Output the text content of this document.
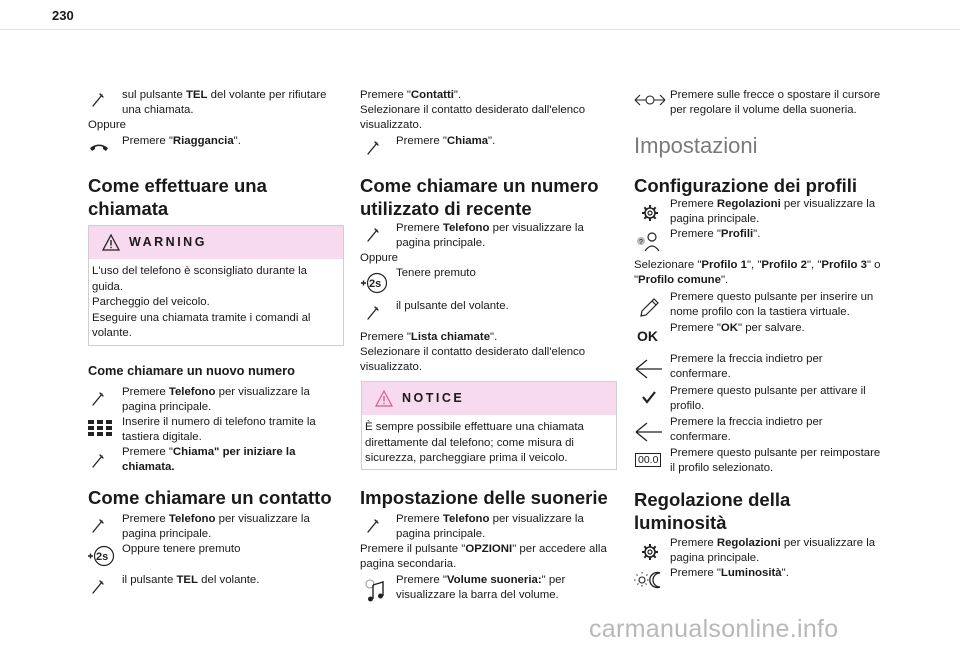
230
sul pulsante TEL del volante per rifiutare
una chiamata.
Oppure
Premere "Riaggancia".
Come effettuare una
chiamata
WARNING
L'uso del telefono è sconsigliato durante la
guida.
Parcheggio del veicolo.
Eseguire una chiamata tramite i comandi al
volante.
Come chiamare un nuovo numero
Premere Telefono per visualizzare la
pagina principale.
Inserire il numero di telefono tramite la
tastiera digitale.
Premere "Chiama" per iniziare la
chiamata.
Come chiamare un contatto
Premere Telefono per visualizzare la
pagina principale.
2s
Oppure tenere premuto
il pulsante TEL del volante.
Premere "Contatti".
Selezionare il contatto desiderato dall'elenco
visualizzato.
Premere "Chiama".
Come chiamare un numero
utilizzato di recente
Premere Telefono per visualizzare la
pagina principale.
Oppure
2s
Tenere premuto
il pulsante del volante.
Premere "Lista chiamate".
Selezionare il contatto desiderato dall'elenco
visualizzato.
NOTICE
È sempre possibile effettuare una chiamata
direttamente dal telefono; come misura di
sicurezza, parcheggiare prima il veicolo.
Impostazione delle suonerie
Premere Telefono per visualizzare la
pagina principale.
Premere il pulsante "OPZIONI" per accedere alla
pagina secondaria.
Premere "Volume suoneria:" per
visualizzare la barra del volume.
Premere sulle frecce o spostare il cursore
per regolare il volume della suoneria.
Impostazioni
Configurazione dei profili
Premere Regolazioni per visualizzare la
pagina principale.
?
Premere "Profili".
Selezionare "Profilo 1", "Profilo 2", "Profilo 3" o
"Profilo comune".
Premere questo pulsante per inserire un
nome profilo con la tastiera virtuale.
OK Premere "OK" per salvare.
Premere la freccia indietro per
confermare.
Premere questo pulsante per attivare il
profilo.
Premere la freccia indietro per
confermare.
00.0
Premere questo pulsante per reimpostare
il profilo selezionato.
Regolazione della
luminosità
Premere Regolazioni per visualizzare la
pagina principale.
Premere "Luminosità".
carmanualsonline.info
